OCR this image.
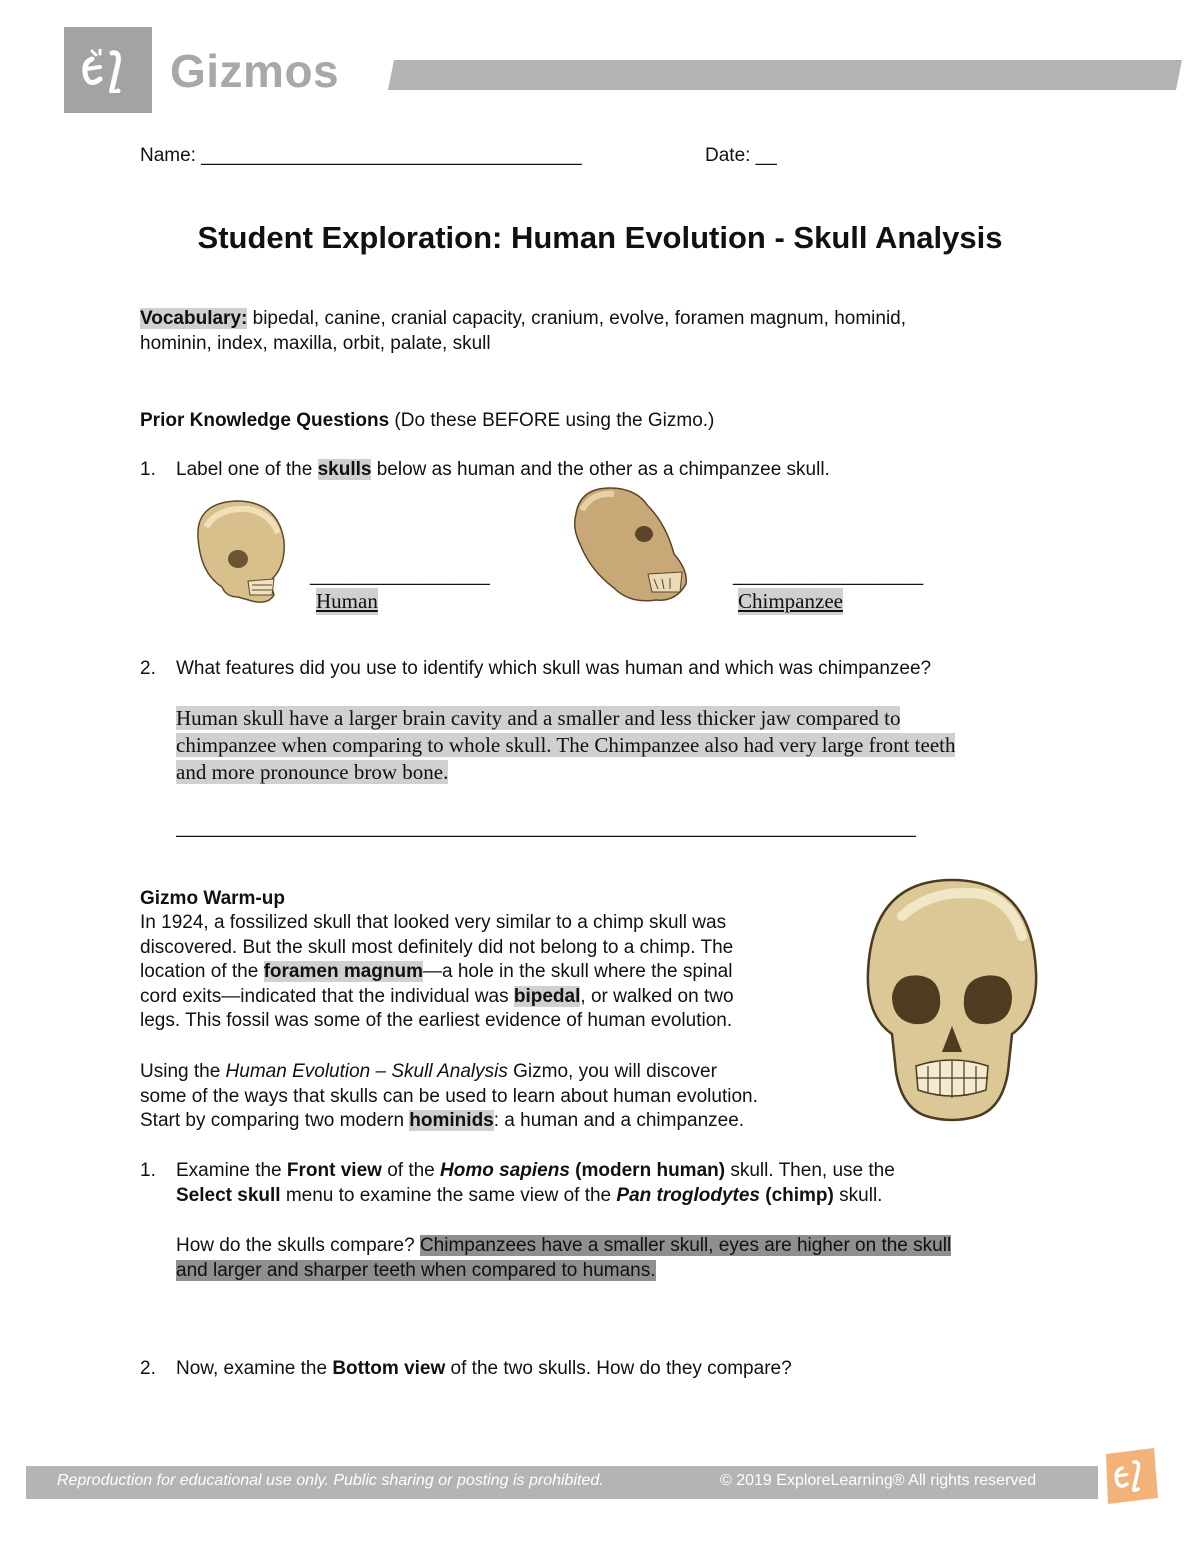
Gizmos
Name: ____________________________________	Date: __
Student Exploration: Human Evolution - Skull Analysis
Vocabulary: bipedal, canine, cranial capacity, cranium, evolve, foramen magnum, hominid,
hominin, index, maxilla, orbit, palate, skull
Prior Knowledge Questions (Do these BEFORE using the Gizmo.)
1. Label one of the skulls below as human and the other as a chimpanzee skull.
_________________
Human
__________________
Chimpanzee
2. What features did you use to identify which skull was human and which was chimpanzee?
Human skull have a larger brain cavity and a smaller and less thicker jaw compared to
chimpanzee when comparing to whole skull. The Chimpanzee also had very large front teeth
and more pronounce brow bone.
______________________________________________________________________
Gizmo Warm-up
In 1924, a fossilized skull that looked very similar to a chimp skull was
discovered. But the skull most definitely did not belong to a chimp. The
location of the foramen magnum—a hole in the skull where the spinal
cord exits—indicated that the individual was bipedal, or walked on two
legs. This fossil was some of the earliest evidence of human evolution.
Using the Human Evolution – Skull Analysis Gizmo, you will discover
some of the ways that skulls can be used to learn about human evolution.
Start by comparing two modern hominids: a human and a chimpanzee.
1. Examine the Front view of the Homo sapiens (modern human) skull. Then, use the
Select skull menu to examine the same view of the Pan troglodytes (chimp) skull.
How do the skulls compare? Chimpanzees have a smaller skull, eyes are higher on the skull
and larger and sharper teeth when compared to humans.
2. Now, examine the Bottom view of the two skulls. How do they compare?
Reproduction for educational use only. Public sharing or posting is prohibited.	© 2019 ExploreLearning® All rights reserved
